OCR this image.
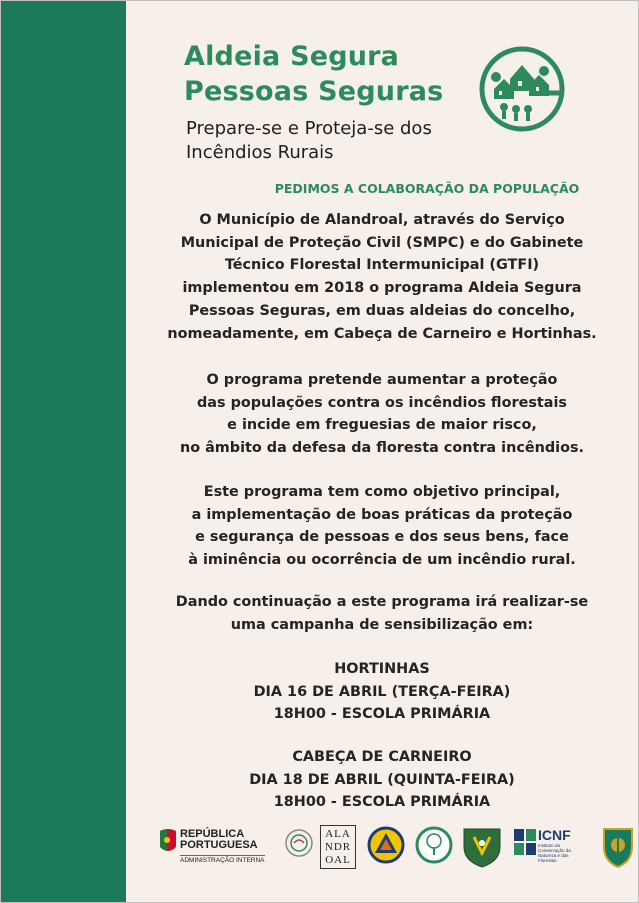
Aldeia Segura
Pessoas Seguras
Prepare-se e Proteja-se dos
Incêndios Rurais
PEDIMOS A COLABORAÇÃO DA POPULAÇÃO
O Município de Alandroal, através do Serviço
Municipal de Proteção Civil (SMPC) e do Gabinete
Técnico Florestal Intermunicipal (GTFI)
implementou em 2018 o programa Aldeia Segura
Pessoas Seguras, em duas aldeias do concelho,
nomeadamente, em Cabeça de Carneiro e Hortinhas.
O programa pretende aumentar a proteção
das populações contra os incêndios florestais
e incide em freguesias de maior risco,
no âmbito da defesa da floresta contra incêndios.
Este programa tem como objetivo principal,
a implementação de boas práticas da proteção
e segurança de pessoas e dos seus bens, face
à iminência ou ocorrência de um incêndio rural.
Dando continuação a este programa irá realizar-se
uma campanha de sensibilização em:
HORTINHAS
DIA 16 DE ABRIL (TERÇA-FEIRA)
18H00 - ESCOLA PRIMÁRIA
CABEÇA DE CARNEIRO
DIA 18 DE ABRIL (QUINTA-FEIRA)
18H00 - ESCOLA PRIMÁRIA
REPÚBLICA
PORTUGUESA
ADMINISTRAÇÃO INTERNA
ALA
NDR
OAL
ICNF
Instituto da Conservação da Natureza e das Florestas
